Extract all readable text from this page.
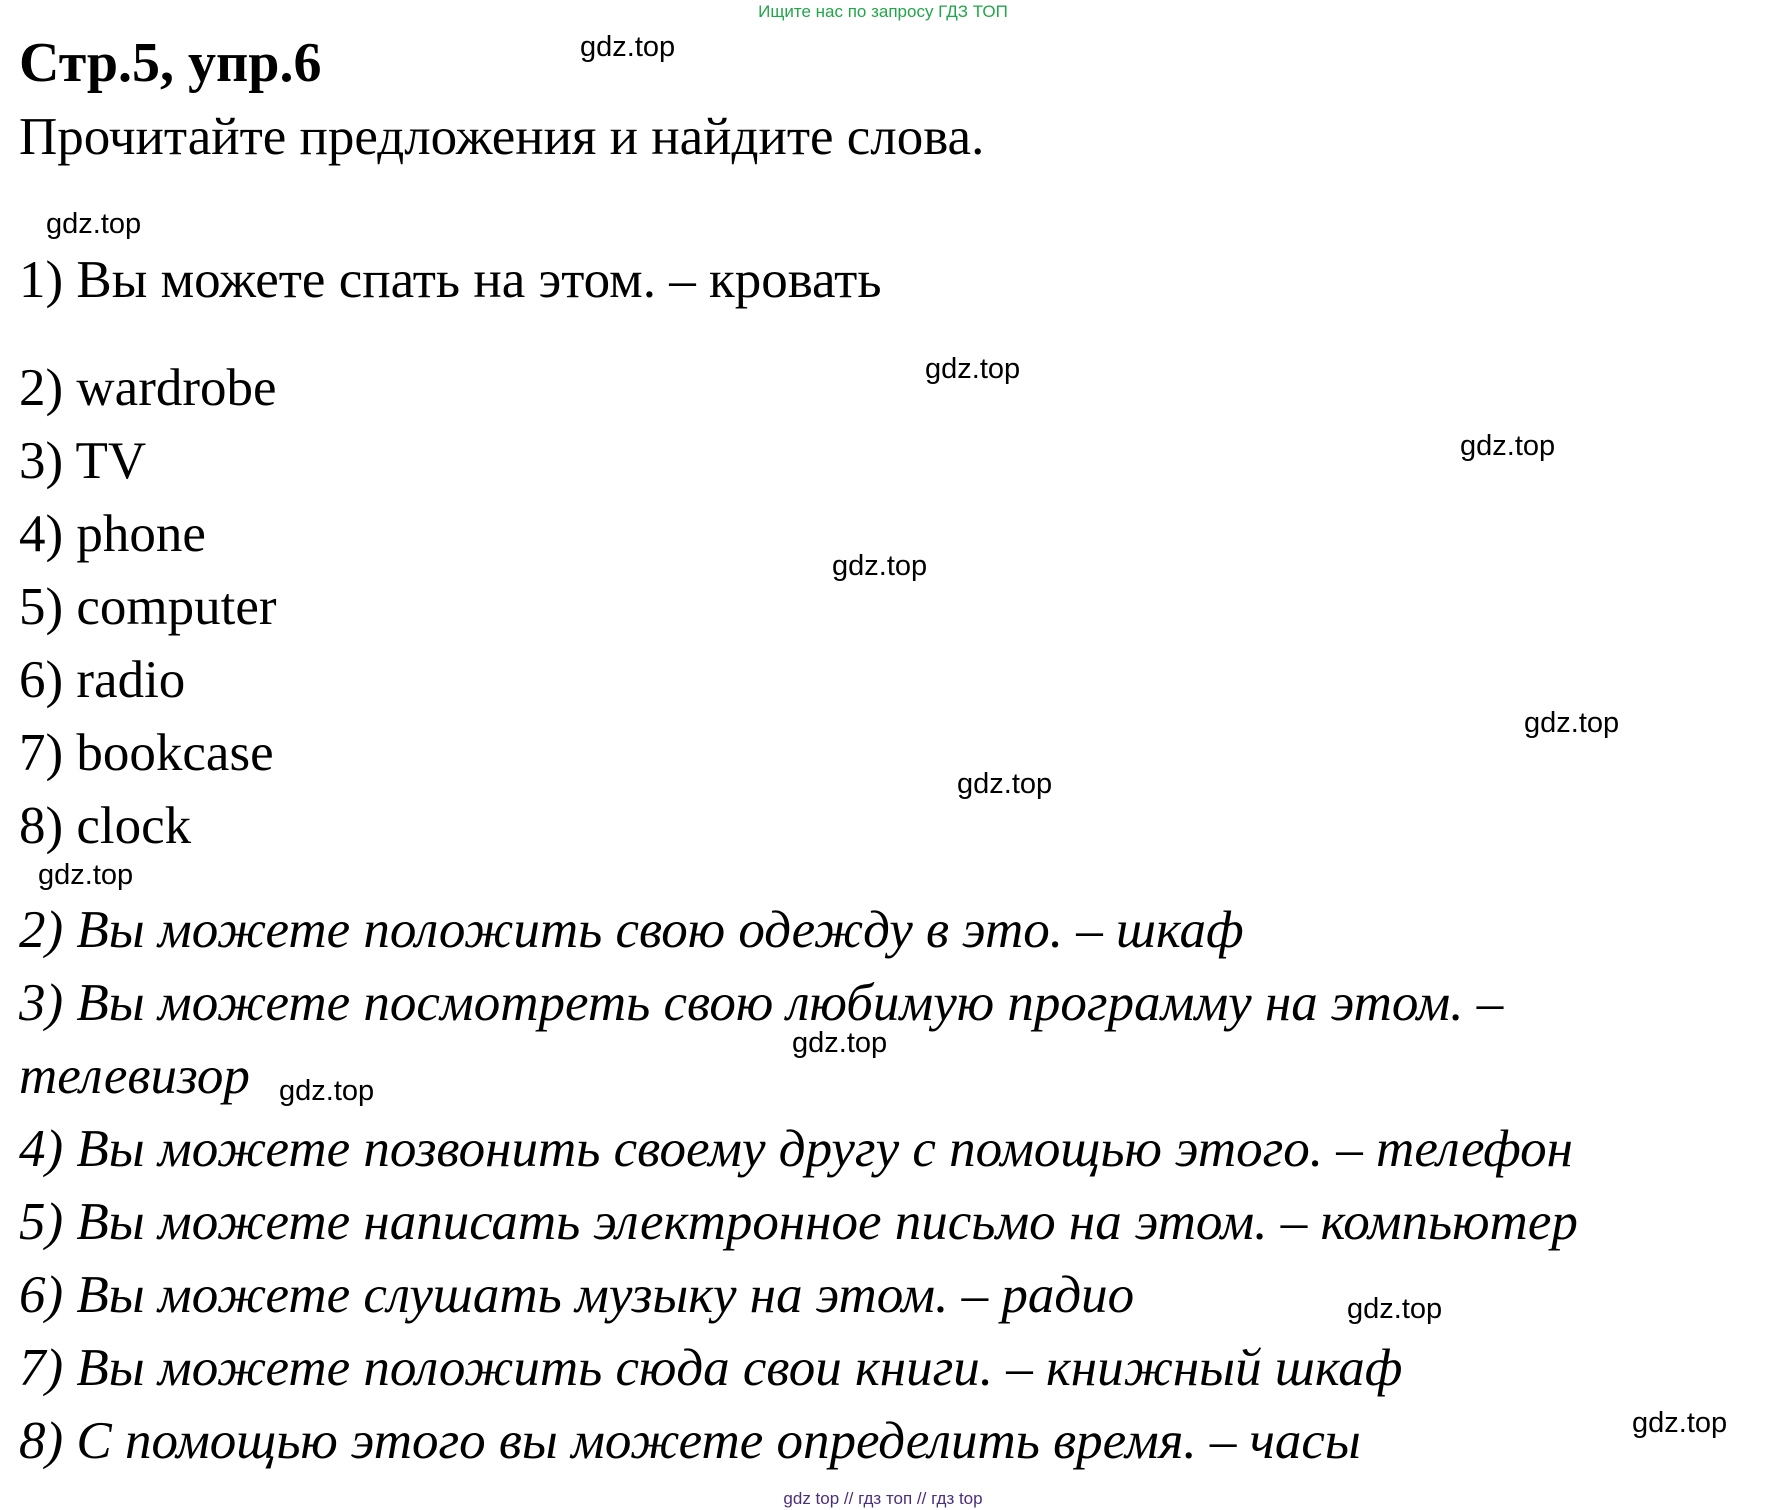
Ищите нас по запросу ГДЗ ТОП
Стр.5, упр.6
Прочитайте предложения и найдите слова.
1) Вы можете спать на этом. – кровать
2) wardrobe
3) TV
4) phone
5) computer
6) radio
7) bookcase
8) clock
2) Вы можете положить свою одежду в это. – шкаф
3) Вы можете посмотреть свою любимую программу на этом. –
телевизор
4) Вы можете позвонить своему другу с помощью этого. – телефон
5) Вы можете написать электронное письмо на этом. – компьютер
6) Вы можете слушать музыку на этом. – радио
7) Вы можете положить сюда свои книги. – книжный шкаф
8) С помощью этого вы можете определить время. – часы
gdz.top
gdz.top
gdz.top
gdz.top
gdz.top
gdz.top
gdz.top
gdz.top
gdz.top
gdz.top
gdz.top
gdz.top
gdz top // гдз топ // гдз top
